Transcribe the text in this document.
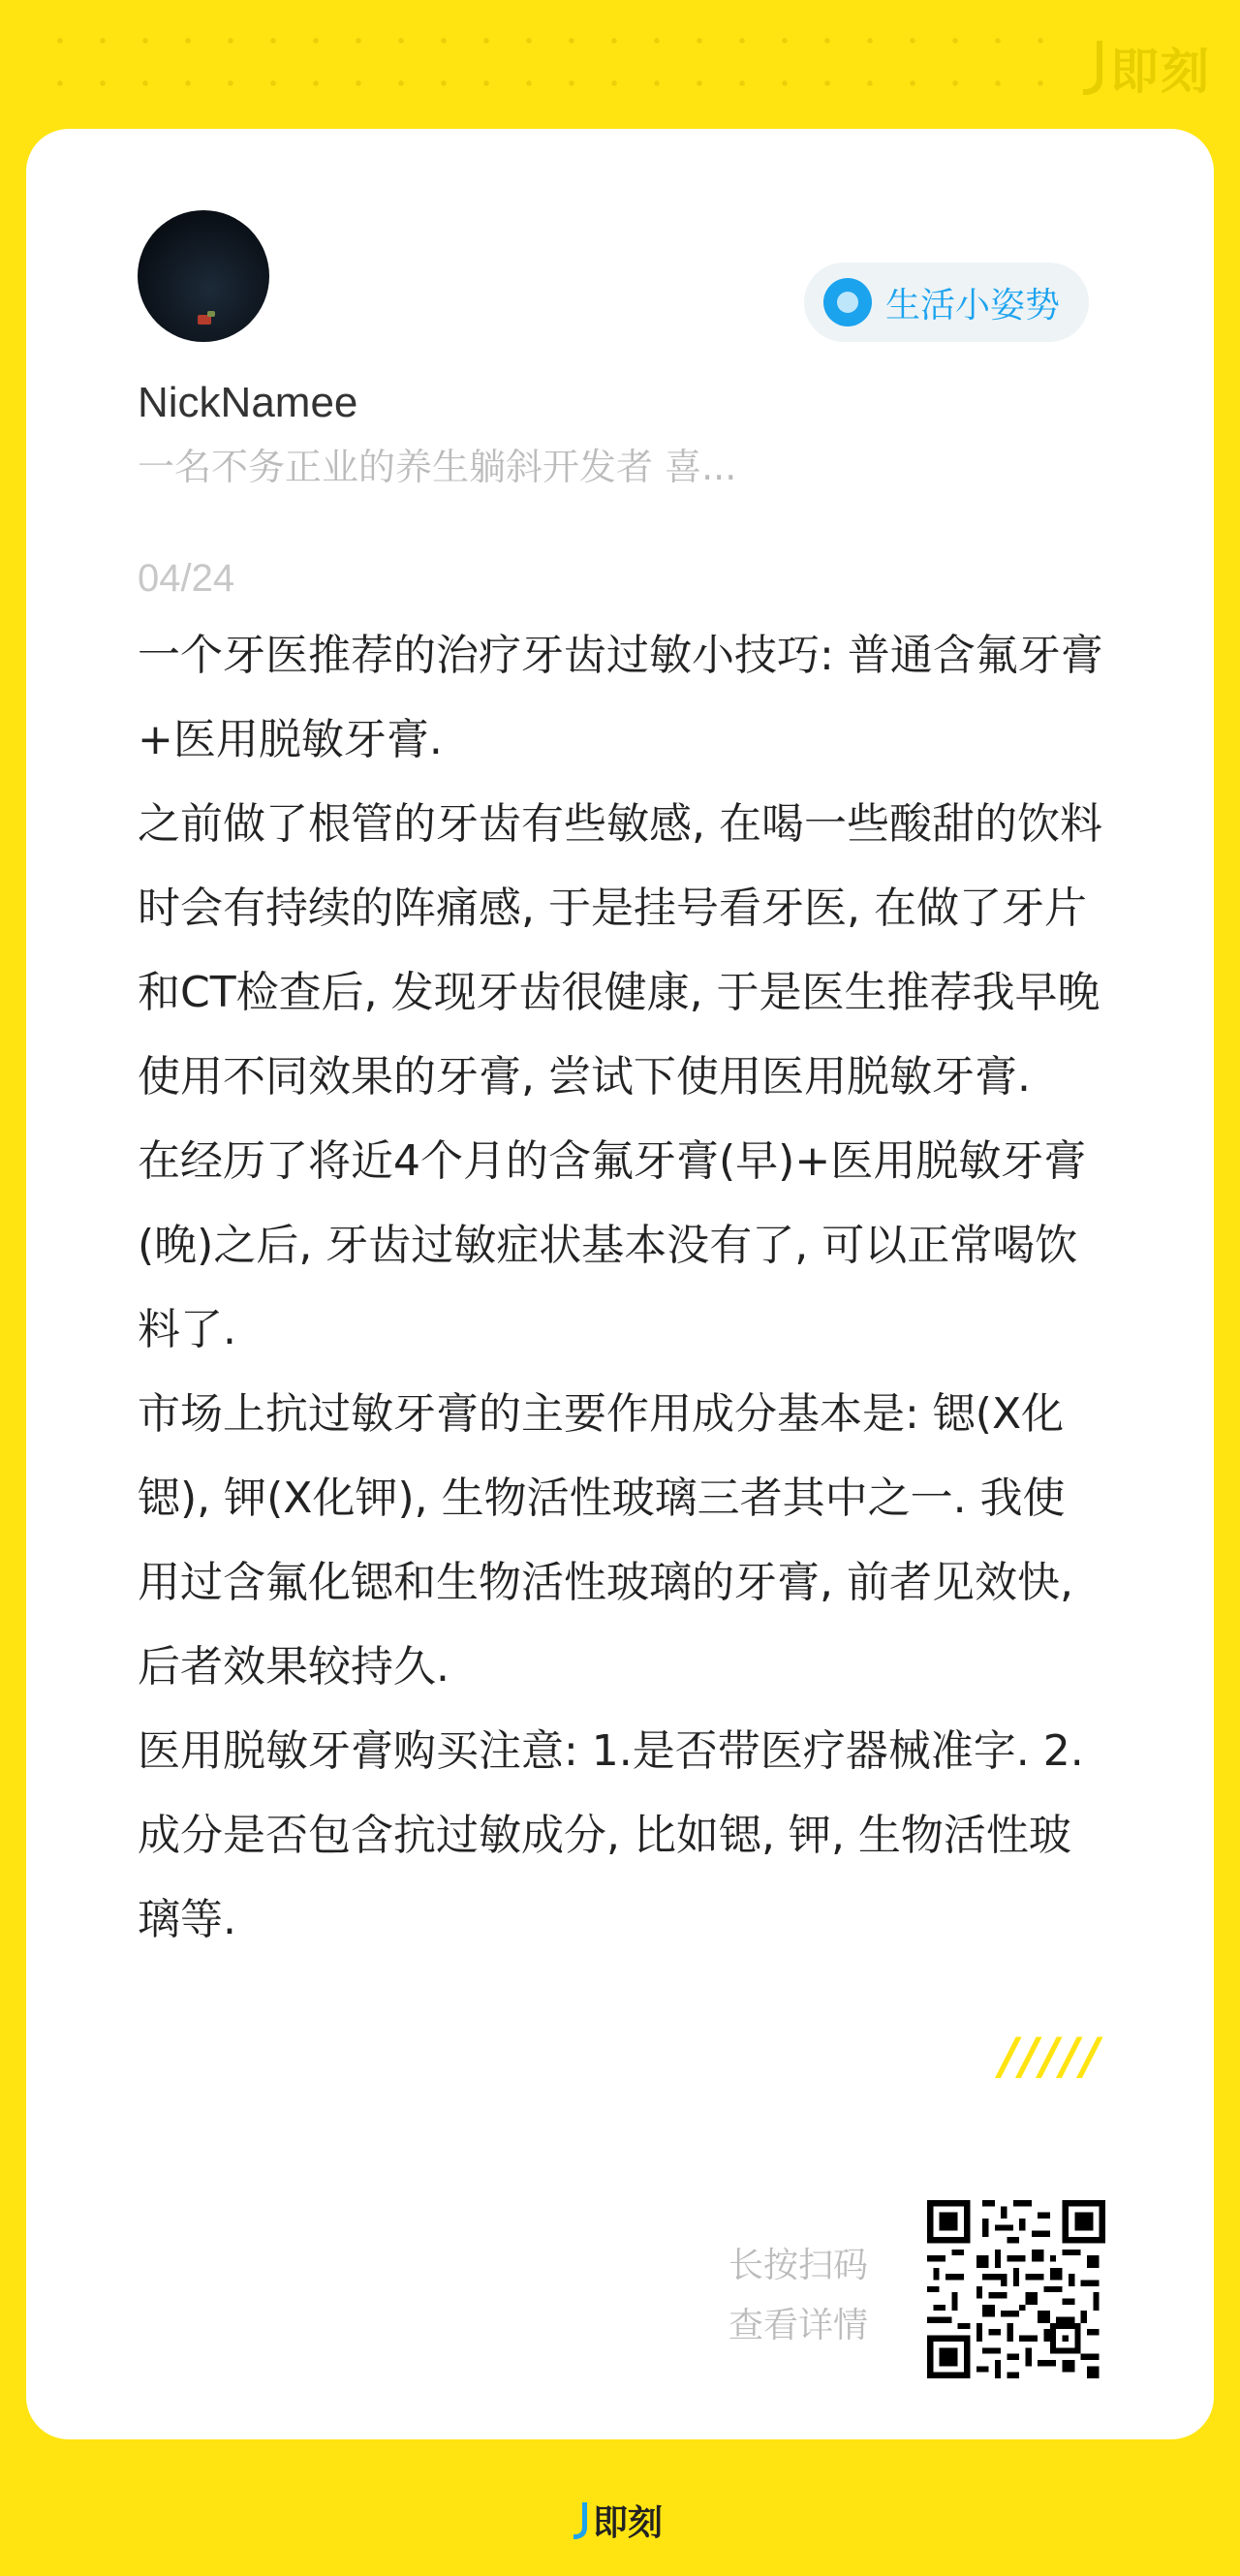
即刻
NickNamee
一名不务正业的养生躺斜开发者 喜...
生活小姿势
04/24

一个牙医推荐的治疗牙齿过敏小技巧: 普通含氟牙膏+医用脱敏牙膏.

之前做了根管的牙齿有些敏感, 在喝一些酸甜的饮料时会有持续的阵痛感, 于是挂号看牙医, 在做了牙片和CT检查后, 发现牙齿很健康, 于是医生推荐我早晚使用不同效果的牙膏, 尝试下使用医用脱敏牙膏.

在经历了将近4个月的含氟牙膏(早)+医用脱敏牙膏(晚)之后, 牙齿过敏症状基本没有了, 可以正常喝饮料了.

市场上抗过敏牙膏的主要作用成分基本是: 锶(X化锶), 钾(X化钾), 生物活性玻璃三者其中之一. 我使用过含氟化锶和生物活性玻璃的牙膏, 前者见效快, 后者效果较持久.

医用脱敏牙膏购买注意: 1.是否带医疗器械准字. 2. 成分是否包含抗过敏成分, 比如锶, 钾, 生物活性玻璃等.

/////
长按扫码
查看详情
即刻
